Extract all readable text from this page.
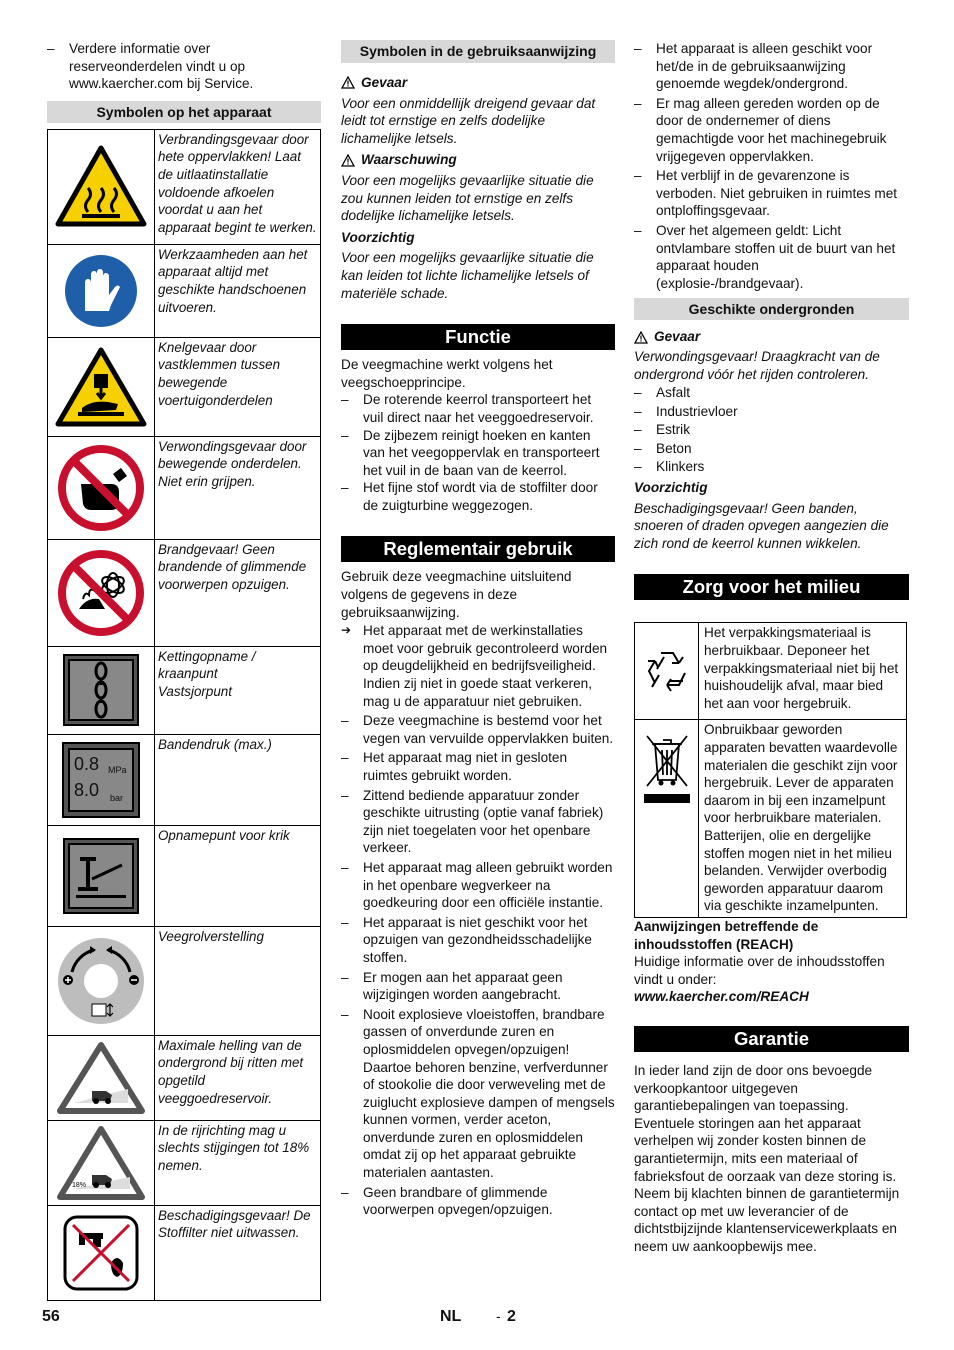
– Verdere informatie over reserveonderdelen vindt u op www.kaercher.com bij Service.
Symbolen op het apparaat
	Verbrandingsgevaar door hete oppervlakken! Laat de uitlaatinstallatie voldoende afkoelen voordat u aan het apparaat begint te werken.

	Werkzaamheden aan het apparaat altijd met geschikte handschoenen uitvoeren.

	Knelgevaar door vastklemmen tussen bewegende voertuigonderdelen

	Verwondingsgevaar door bewegende onderdelen. Niet erin grijpen.

	Brandgevaar! Geen brandende of glimmende voorwerpen opzuigen.

	Kettingopname / kraanpunt
Vastsjorpunt

0.8 MPa
8.0 bar	Bandendruk (max.)

	Opnamepunt voor krik

	Veegrolverstelling

	Maximale helling van de ondergrond bij ritten met opgetild veeggoedreservoir.

18%	In de rijrichting mag u slechts stijgingen tot 18% nemen.

	Beschadigingsgevaar! De Stoffilter niet uitwassen.
Symbolen in de gebruiksaanwijzing
Gevaar
Voor een onmiddellijk dreigend gevaar dat leidt tot ernstige en zelfs dodelijke lichamelijke letsels.
Waarschuwing
Voor een mogelijks gevaarlijke situatie die zou kunnen leiden tot ernstige en zelfs dodelijke lichamelijke letsels.
Voorzichtig
Voor een mogelijks gevaarlijke situatie die kan leiden tot lichte lichamelijke letsels of materiële schade.
Functie
De veegmachine werkt volgens het veegschoepprincipe.
– De roterende keerrol transporteert het vuil direct naar het veeggoedreservoir.
– De zijbezem reinigt hoeken en kanten van het veegoppervlak en transporteert het vuil in de baan van de keerrol.
– Het fijne stof wordt via de stoffilter door de zuigturbine weggezogen.
Reglementair gebruik
Gebruik deze veegmachine uitsluitend volgens de gegevens in deze gebruiksaanwijzing.
➔ Het apparaat met de werkinstallaties moet voor gebruik gecontroleerd worden op deugdelijkheid en bedrijfsveiligheid. Indien zij niet in goede staat verkeren, mag u de apparatuur niet gebruiken.
– Deze veegmachine is bestemd voor het vegen van vervuilde oppervlakken buiten.
– Het apparaat mag niet in gesloten ruimtes gebruikt worden.
– Zittend bediende apparatuur zonder geschikte uitrusting (optie vanaf fabriek) zijn niet toegelaten voor het openbare verkeer.
– Het apparaat mag alleen gebruikt worden in het openbare wegverkeer na goedkeuring door een officiële instantie.
– Het apparaat is niet geschikt voor het opzuigen van gezondheidsschadelijke stoffen.
– Er mogen aan het apparaat geen wijzigingen worden aangebracht.
– Nooit explosieve vloeistoffen, brandbare gassen of onverdunde zuren en oplosmiddelen opvegen/opzuigen! Daartoe behoren benzine, verfverdunner of stookolie die door verweveling met de zuiglucht explosieve dampen of mengsels kunnen vormen, verder aceton, onverdunde zuren en oplosmiddelen omdat zij op het apparaat gebruikte materialen aantasten.
– Geen brandbare of glimmende voorwerpen opvegen/opzuigen.
– Het apparaat is alleen geschikt voor het/de in de gebruiksaanwijzing genoemde wegdek/ondergrond.
– Er mag alleen gereden worden op de door de ondernemer of diens gemachtigde voor het machinegebruik vrijgegeven oppervlakken.
– Het verblijf in de gevarenzone is verboden. Niet gebruiken in ruimtes met ontploffingsgevaar.
– Over het algemeen geldt: Licht ontvlambare stoffen uit de buurt van het apparaat houden (explosie-/brandgevaar).
Geschikte ondergronden
Gevaar
Verwondingsgevaar! Draagkracht van de ondergrond vóór het rijden controleren.
– Asfalt
– Industrievloer
– Estrik
– Beton
– Klinkers
Voorzichtig
Beschadigingsgevaar! Geen banden, snoeren of draden opvegen aangezien die zich rond de keerrol kunnen wikkelen.
Zorg voor het milieu
	Het verpakkingsmateriaal is herbruikbaar. Deponeer het verpakkingsmateriaal niet bij het huishoudelijk afval, maar bied het aan voor hergebruik.

	Onbruikbaar geworden apparaten bevatten waardevolle materialen die geschikt zijn voor hergebruik. Lever de apparaten daarom in bij een inzamelpunt voor herbruikbare materialen. Batterijen, olie en dergelijke stoffen mogen niet in het milieu belanden. Verwijder overbodig geworden apparatuur daarom via geschikte inzamelpunten.
Aanwijzingen betreffende de inhoudsstoffen (REACH)
Huidige informatie over de inhoudsstoffen vindt u onder:
www.kaercher.com/REACH
Garantie
In ieder land zijn de door ons bevoegde verkoopkantoor uitgegeven garantiebepalingen van toepassing. Eventuele storingen aan het apparaat verhelpen wij zonder kosten binnen de garantietermijn, mits een materiaal of fabrieksfout de oorzaak van deze storing is. Neem bij klachten binnen de garantietermijn contact op met uw leverancier of de dichtstbijzijnde klantenservicewerkplaats en neem uw aankoopbewijs mee.
56	NL - 2
